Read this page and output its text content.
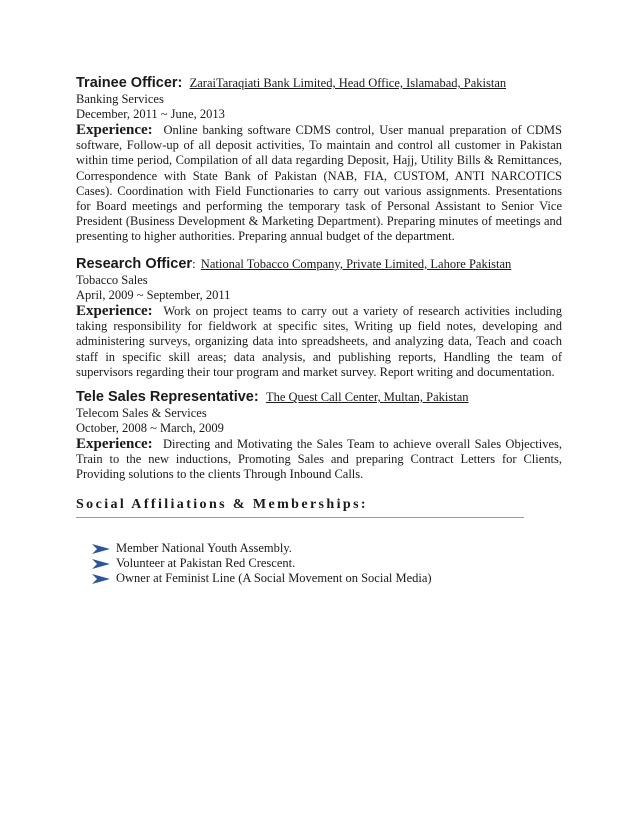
Trainee Officer: ZaraiTaraqiati Bank Limited, Head Office, Islamabad, Pakistan
Banking Services
December, 2011 ~ June, 2013
Experience: Online banking software CDMS control, User manual preparation of CDMS software, Follow-up of all deposit activities, To maintain and control all customer in Pakistan within time period, Compilation of all data regarding Deposit, Hajj, Utility Bills & Remittances, Correspondence with State Bank of Pakistan (NAB, FIA, CUSTOM, ANTI NARCOTICS Cases). Coordination with Field Functionaries to carry out various assignments. Presentations for Board meetings and performing the temporary task of Personal Assistant to Senior Vice President (Business Development & Marketing Department). Preparing minutes of meetings and presenting to higher authorities. Preparing annual budget of the department.
Research Officer: National Tobacco Company, Private Limited, Lahore Pakistan
Tobacco Sales
April, 2009 ~ September, 2011
Experience: Work on project teams to carry out a variety of research activities including taking responsibility for fieldwork at specific sites, Writing up field notes, developing and administering surveys, organizing data into spreadsheets, and analyzing data, Teach and coach staff in specific skill areas; data analysis, and publishing reports, Handling the team of supervisors regarding their tour program and market survey. Report writing and documentation.
Tele Sales Representative: The Quest Call Center, Multan, Pakistan
Telecom Sales & Services
October, 2008 ~ March, 2009
Experience: Directing and Motivating the Sales Team to achieve overall Sales Objectives, Train to the new inductions, Promoting Sales and preparing Contract Letters for Clients, Providing solutions to the clients Through Inbound Calls.
Social Affiliations & Memberships:
Member National Youth Assembly.
Volunteer at Pakistan Red Crescent.
Owner at Feminist Line (A Social Movement on Social Media)
